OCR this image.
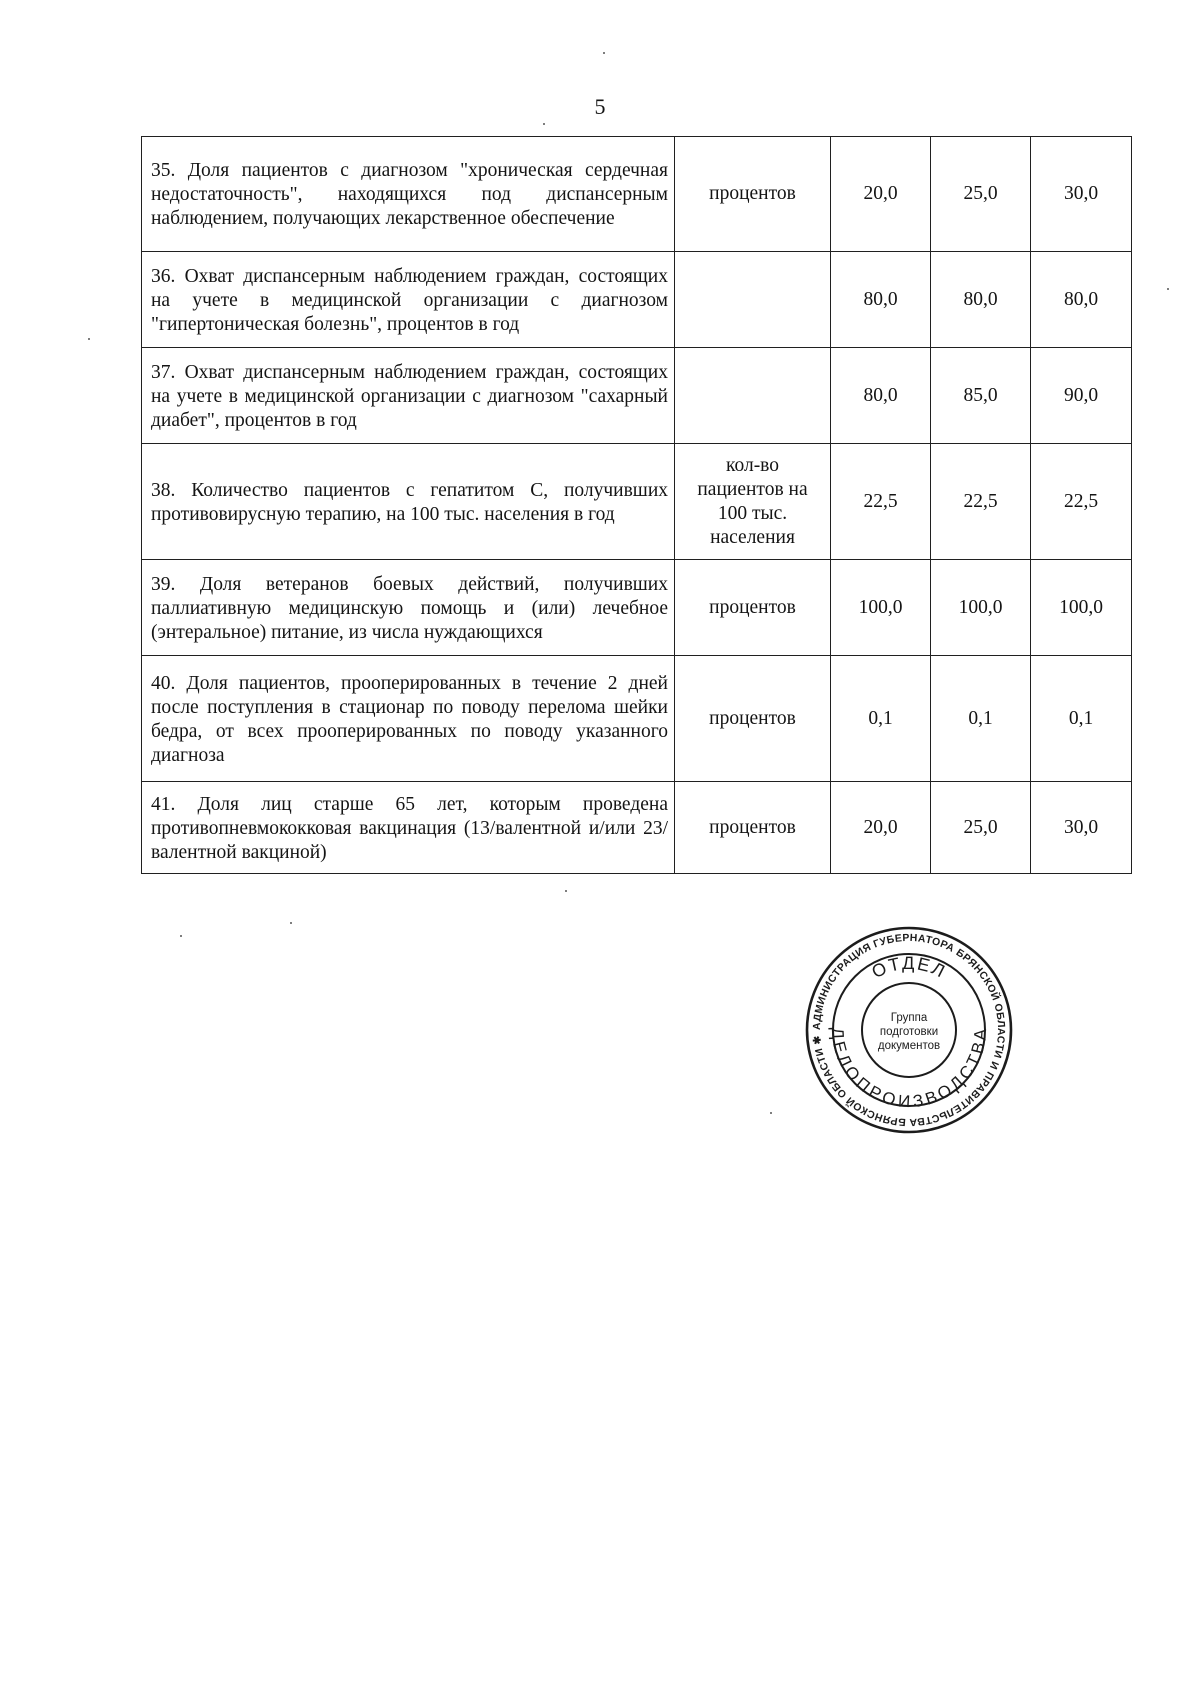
5
35. Доля пациентов с диагнозом "хроническая сердечная недостаточность", находящихся под диспансерным наблюдением, получающих лекарственное обеспечение	процентов	20,0	25,0	30,0
36. Охват диспансерным наблюдением граждан, состоящих на учете в медицинской организации с диагнозом "гипертоническая болезнь", процентов в год		80,0	80,0	80,0
37. Охват диспансерным наблюдением граждан, состоящих на учете в медицинской организации с диагнозом "сахарный диабет", процентов в год		80,0	85,0	90,0
38. Количество пациентов с гепатитом С, получивших противовирусную терапию, на 100 тыс. населения в год	кол-во пациентов на 100 тыс. населения	22,5	22,5	22,5
39. Доля ветеранов боевых действий, получивших паллиативную медицинскую помощь и (или) лечебное (энтеральное) питание, из числа нуждающихся	процентов	100,0	100,0	100,0
40. Доля пациентов, прооперированных в течение 2 дней после поступления в стационар по поводу перелома шейки бедра, от всех прооперированных по поводу указанного диагноза	процентов	0,1	0,1	0,1
41. Доля лиц старше 65 лет, которым проведена противопневмококковая вакцинация (13/валентной и/или 23/валентной вакциной)	процентов	20,0	25,0	30,0
АДМИНИСТРАЦИЯ ГУБЕРНАТОРА БРЯНСКОЙ ОБЛАСТИ И ПРАВИТЕЛЬСТВА БРЯНСКОЙ ОБЛАСТИ ✱
ОТДЕЛ
ДЕЛОПРОИЗВОДСТВА
Группа
подготовки
документов
